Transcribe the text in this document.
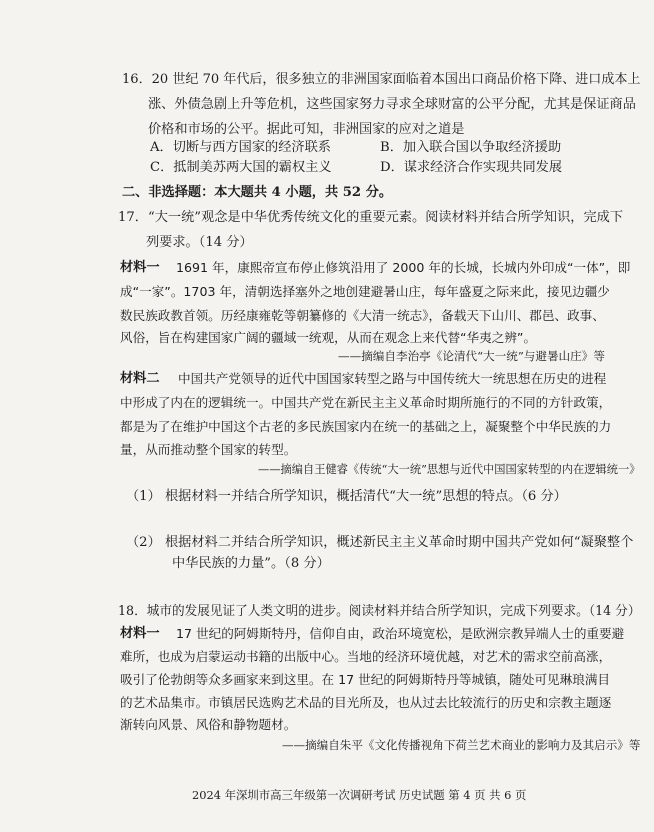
16．20 世纪 70 年代后，很多独立的非洲国家面临着本国出口商品价格下降、进口成本上
涨、外债急剧上升等危机，这些国家努力寻求全球财富的公平分配，尤其是保证商品
价格和市场的公平。据此可知，非洲国家的应对之道是
A．切断与西方国家的经济联系	B．加入联合国以争取经济援助
C．抵制美苏两大国的霸权主义	D．谋求经济合作实现共同发展
二、非选择题：本大题共 4 小题，共 52 分。
17．“大一统”观念是中华优秀传统文化的重要元素。阅读材料并结合所学知识，完成下
列要求。（14 分）
材料一 1691 年，康熙帝宣布停止修筑沿用了 2000 年的长城，长城内外印成“一体”，即
成“一家”。1703 年，清朝选择塞外之地创建避暑山庄，每年盛夏之际来此，接见边疆少
数民族政教首领。历经康雍乾等朝纂修的《大清一统志》，备载天下山川、郡邑、政事、
风俗，旨在构建国家广阔的疆域一统观，从而在观念上来代替“华夷之辨”。
——摘编自李治亭《论清代“大一统”与避暑山庄》等
材料二 中国共产党领导的近代中国国家转型之路与中国传统大一统思想在历史的进程
中形成了内在的逻辑统一。中国共产党在新民主主义革命时期所施行的不同的方针政策，
都是为了在维护中国这个古老的多民族国家内在统一的基础之上，凝聚整个中华民族的力
量，从而推动整个国家的转型。
——摘编自王健睿《传统“大一统”思想与近代中国国家转型的内在逻辑统一》
（1） 根据材料一并结合所学知识，概括清代“大一统”思想的特点。（6 分）
（2） 根据材料二并结合所学知识，概述新民主主义革命时期中国共产党如何“凝聚整个
中华民族的力量”。（8 分）
18．城市的发展见证了人类文明的进步。阅读材料并结合所学知识，完成下列要求。（14 分）
材料一 17 世纪的阿姆斯特丹，信仰自由，政治环境宽松，是欧洲宗教异端人士的重要避
难所，也成为启蒙运动书籍的出版中心。当地的经济环境优越，对艺术的需求空前高涨，
吸引了伦勃朗等众多画家来到这里。在 17 世纪的阿姆斯特丹等城镇，随处可见琳琅满目
的艺术品集市。市镇居民选购艺术品的目光所及，也从过去比较流行的历史和宗教主题逐
渐转向风景、风俗和静物题材。
——摘编自朱平《文化传播视角下荷兰艺术商业的影响力及其启示》等
2024 年深圳市高三年级第一次调研考试 历史试题 第 4 页 共 6 页
